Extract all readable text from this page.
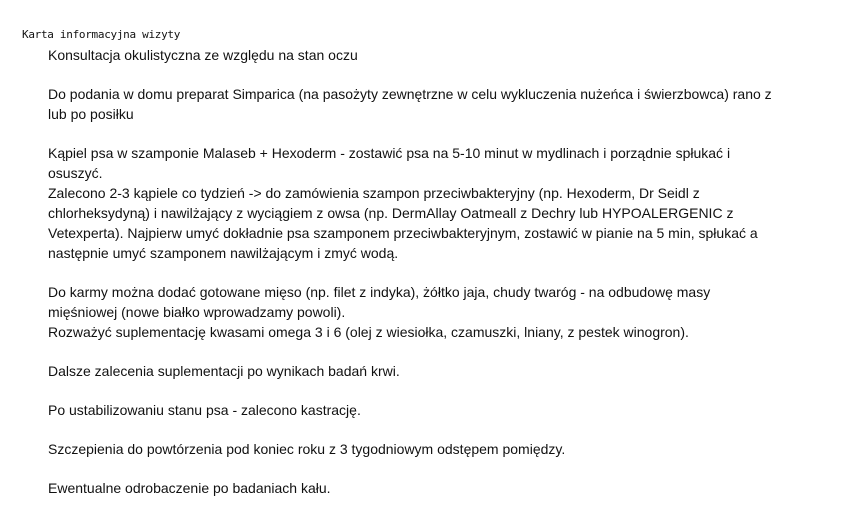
Karta informacyjna wizyty
Konsultacja okulistyczna ze względu na stan oczu
Do podania w domu preparat Simparica (na pasożyty zewnętrzne w celu wykluczenia nużeńca i świerzbowca) rano z
lub po posiłku
Kąpiel psa w szamponie Malaseb + Hexoderm - zostawić psa na 5-10 minut w mydlinach i porządnie spłukać i
osuszyć.
Zalecono 2-3 kąpiele co tydzień -> do zamówienia szampon przeciwbakteryjny (np. Hexoderm, Dr Seidl z
chlorheksydyną) i nawilżający z wyciągiem z owsa (np. DermAllay Oatmeall z Dechry lub HYPOALERGENIC z
Vetexperta). Najpierw umyć dokładnie psa szamponem przeciwbakteryjnym, zostawić w pianie na 5 min, spłukać a
następnie umyć szamponem nawilżającym i zmyć wodą.
Do karmy można dodać gotowane mięso (np. filet z indyka), żółtko jaja, chudy twaróg - na odbudowę masy
mięśniowej (nowe białko wprowadzamy powoli).
Rozważyć suplementację kwasami omega 3 i 6 (olej z wiesiołka, czamuszki, lniany, z pestek winogron).
Dalsze zalecenia suplementacji po wynikach badań krwi.
Po ustabilizowaniu stanu psa - zalecono kastrację.
Szczepienia do powtórzenia pod koniec roku z 3 tygodniowym odstępem pomiędzy.
Ewentualne odrobaczenie po badaniach kału.
